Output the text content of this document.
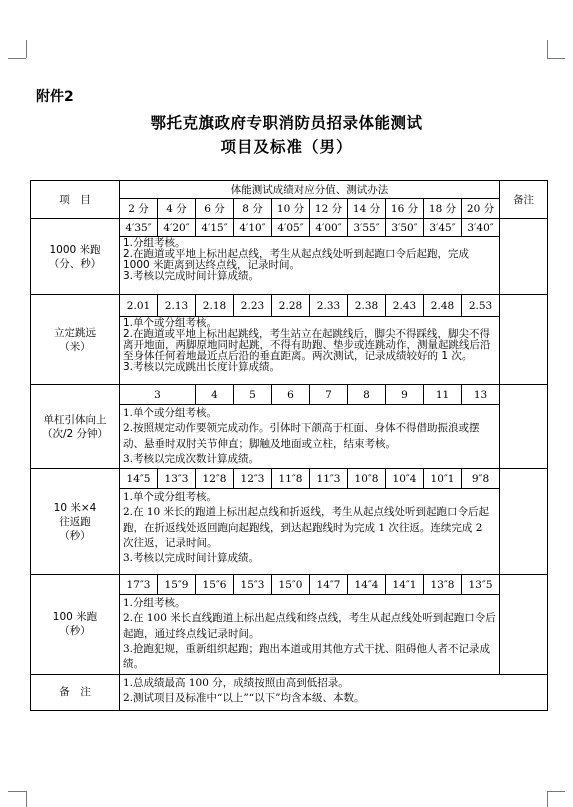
附件2
鄂托克旗政府专职消防员招录体能测试
项目及标准（男）
项　目	体能测试成绩对应分值、测试办法										备注
	2 分	4 分	6 分	8 分	10 分	12 分	14 分	16 分	18 分	20 分	
1000 米跑
（分、秒）	4′35″	4′20″	4′15″	4′10″	4′05″	4′00″	3′55″	3′50″	3′45″	3′40″	

	1.分组考核。
2.在跑道或平地上标出起点线，考生从起点线处听到起跑口令后起跑，完成 1000 米距离到达终点线，记录时间。
3.考核以完成时间计算成绩。										

立定跳远
（米）	2.01	2.13	2.18	2.23	2.28	2.33	2.38	2.43	2.48	2.53	

	1.单个或分组考核。
2.在跑道或平地上标出起跳线，考生站立在起跳线后，脚尖不得踩线，脚尖不得离开地面，两脚原地同时起跳，不得有助跑、垫步或连跳动作，测量起跳线后沿至身体任何着地最近点后沿的垂直距离。两次测试，记录成绩较好的 1 次。
3.考核以完成跳出长度计算成绩。										

单杠引体向上
（次/2 分钟）	3		4	5	6	7	8	9	11	13	

	1.单个或分组考核。
2.按照规定动作要领完成动作。引体时下颌高于杠面、身体不得借助振浪或摆动、悬垂时双肘关节伸直；脚触及地面或立柱，结束考核。
3.考核以完成次数计算成绩。										

10 米×4
往返跑
（秒）	14″5	13″3	12″8	12″3	11″8	11″3	10″8	10″4	10″1	9″8	

	1.单个或分组考核。
2.在 10 米长的跑道上标出起点线和折返线，考生从起点线处听到起跑口令后起跑，在折返线处返回跑向起跑线，到达起跑线时为完成 1 次往返。连续完成 2 次往返，记录时间。
3.考核以完成时间计算成绩。										

100 米跑
（秒）	17″3	15″9	15″6	15″3	15″0	14″7	14″4	14″1	13″8	13″5	

	1.分组考核。
2.在 100 米长直线跑道上标出起点线和终点线，考生从起点线处听到起跑口令后起跑，通过终点线记录时间。
3.抢跑犯规，重新组织起跑；跑出本道或用其他方式干扰、阻碍他人者不记录成绩。										

备　注	1.总成绩最高 100 分，成绩按照由高到低招录。
2.测试项目及标准中“以上”“以下”均含本级、本数。										
